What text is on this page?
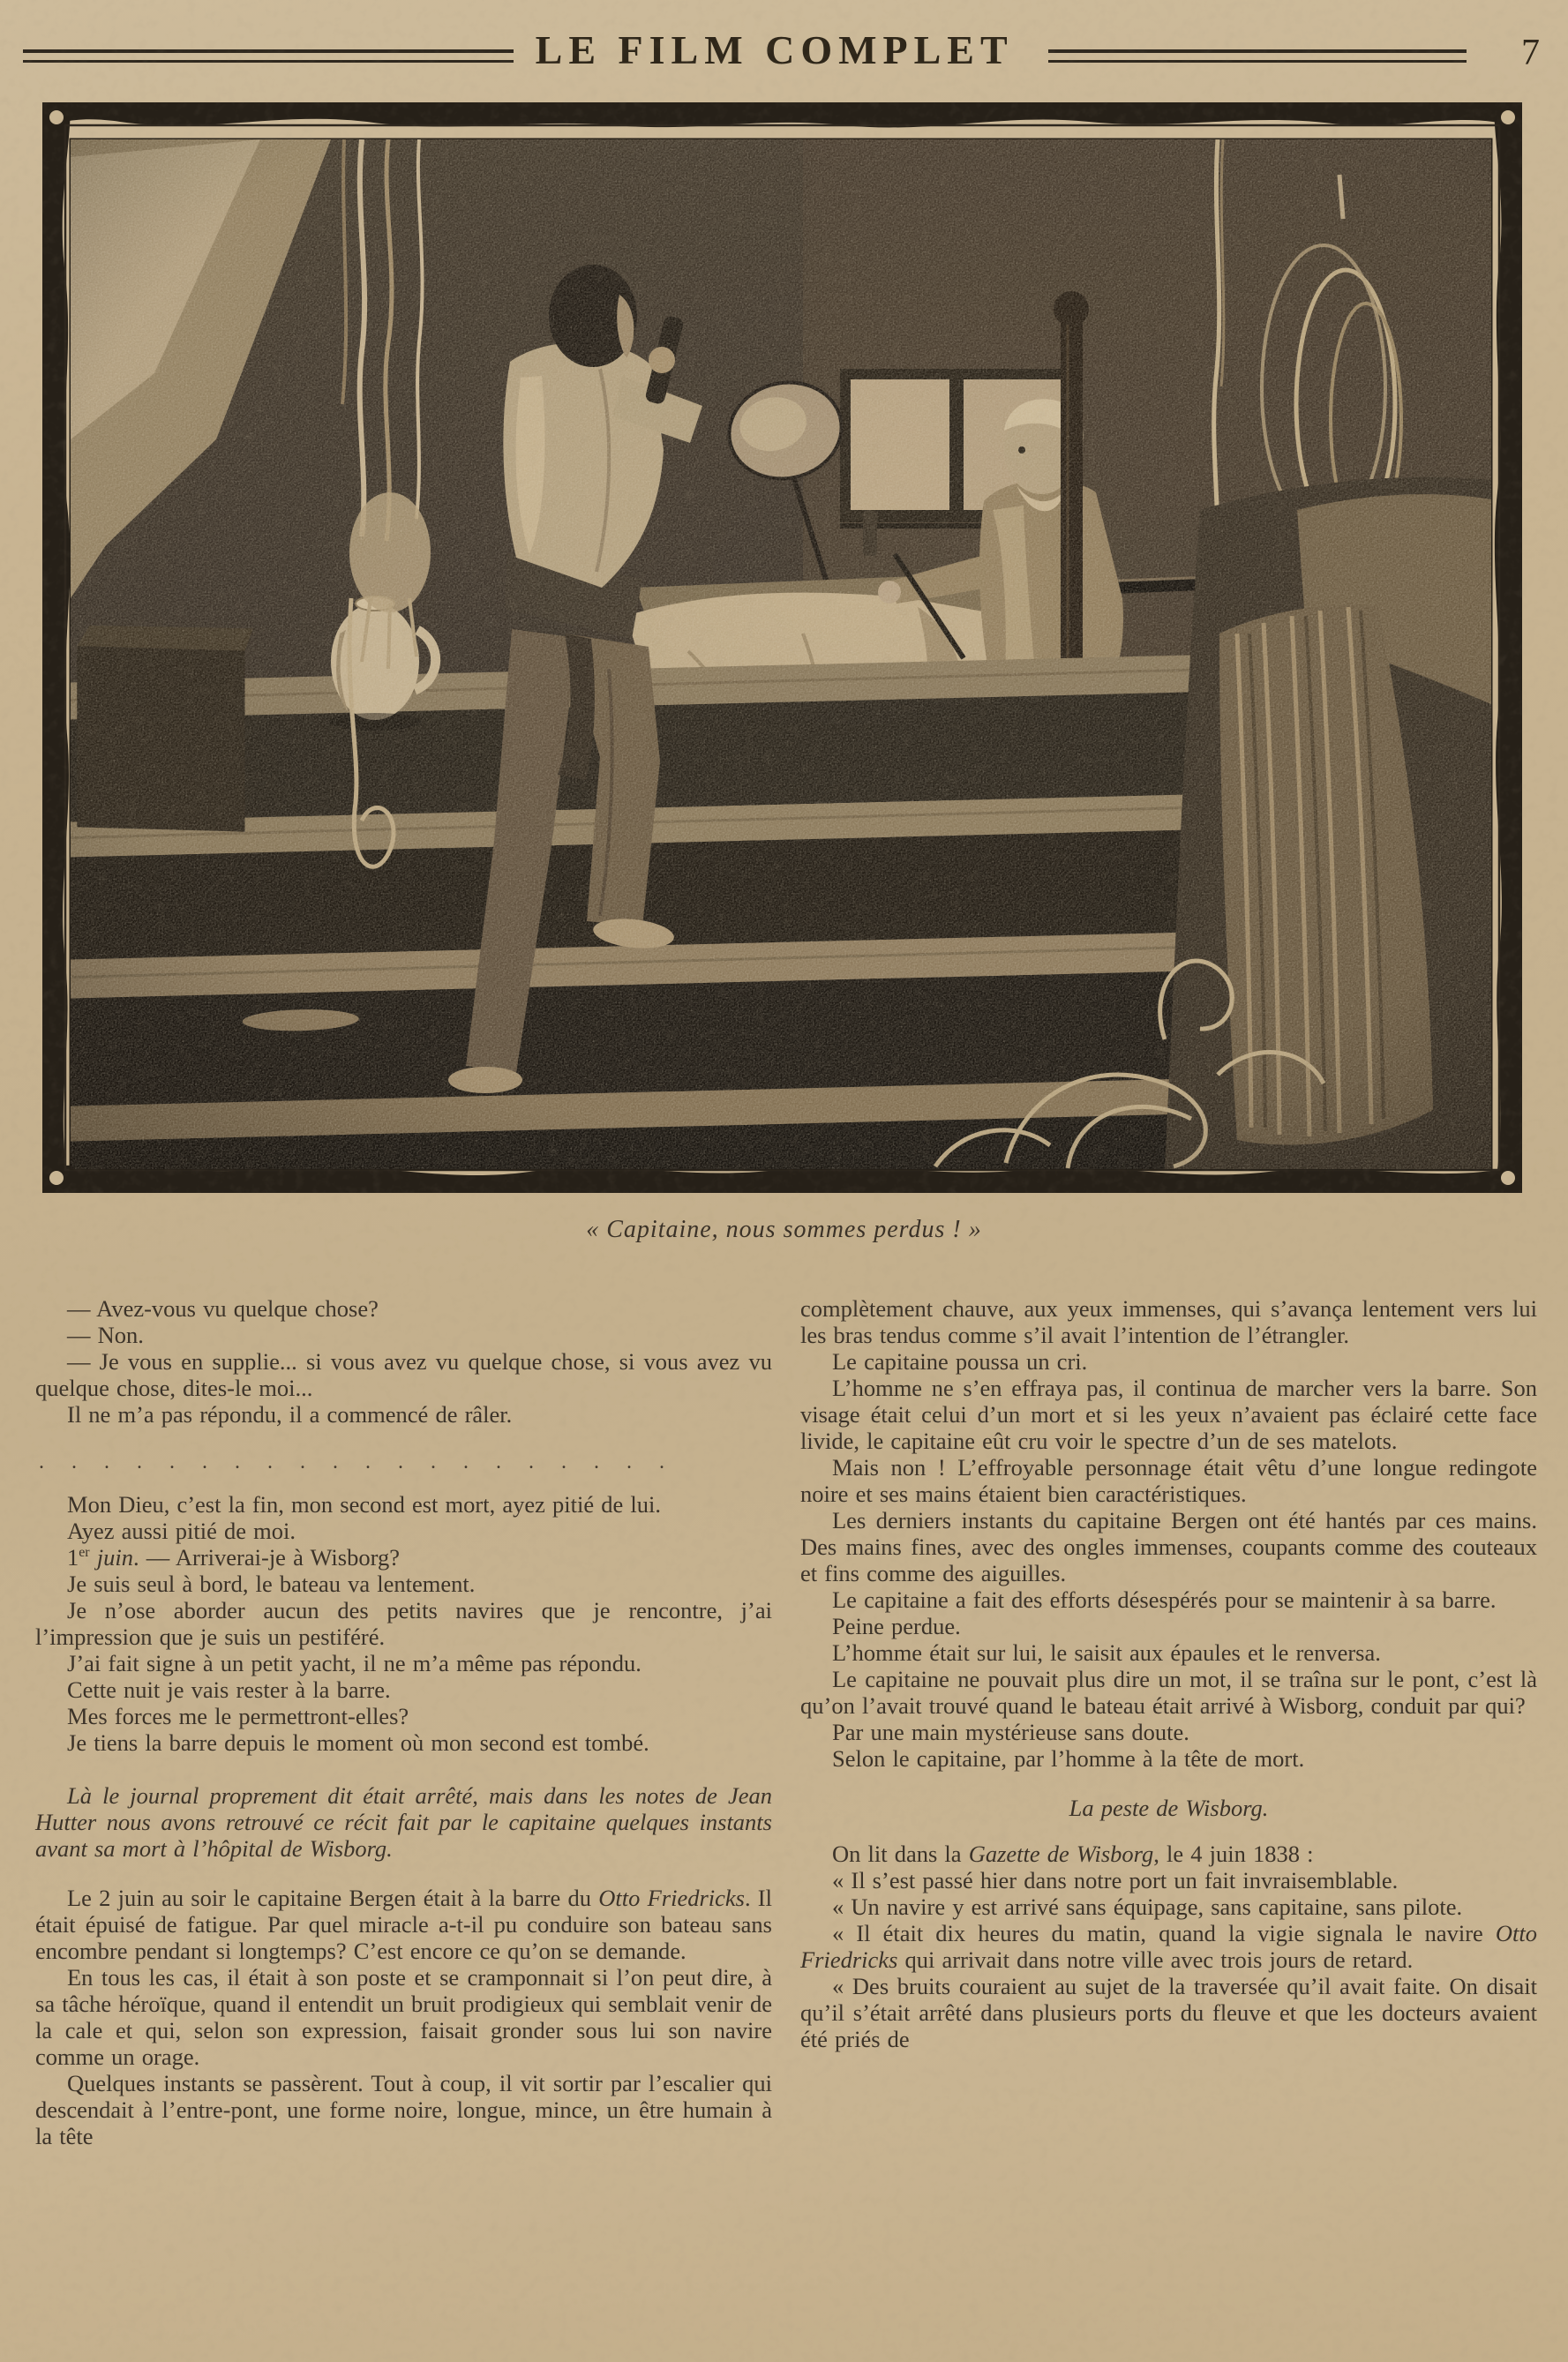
LE FILM COMPLET	7
« Capitaine, nous sommes perdus ! »

— Avez-vous vu quelque chose?

— Non.

— Je vous en supplie... si vous avez vu quelque chose, si vous avez vu quelque chose, dites-le moi...

Il ne m’a pas répondu, il a commencé de râler.

....................

Mon Dieu, c’est la fin, mon second est mort, ayez pitié de lui.

Ayez aussi pitié de moi.

1er juin. — Arriverai-je à Wisborg?

Je suis seul à bord, le bateau va lentement.

Je n’ose aborder aucun des petits navires que je rencontre, j’ai l’impression que je suis un pestiféré.

J’ai fait signe à un petit yacht, il ne m’a même pas répondu.

Cette nuit je vais rester à la barre.

Mes forces me le permettront-elles?

Je tiens la barre depuis le moment où mon second est tombé.

Là le journal proprement dit était arrêté, mais dans les notes de Jean Hutter nous avons retrouvé ce récit fait par le capitaine quelques instants avant sa mort à l’hôpital de Wisborg.

Le 2 juin au soir le capitaine Bergen était à la barre du Otto Friedricks. Il était épuisé de fatigue. Par quel miracle a-t-il pu conduire son bateau sans encombre pendant si longtemps? C’est encore ce qu’on se demande.

En tous les cas, il était à son poste et se cramponnait si l’on peut dire, à sa tâche héroïque, quand il entendit un bruit prodigieux qui semblait venir de la cale et qui, selon son expression, faisait gronder sous lui son navire comme un orage.

Quelques instants se passèrent. Tout à coup, il vit sortir par l’escalier qui descendait à l’entre-pont, une forme noire, longue, mince, un être humain à la tête

complètement chauve, aux yeux immenses, qui s’avança lentement vers lui les bras tendus comme s’il avait l’intention de l’étrangler.

Le capitaine poussa un cri.

L’homme ne s’en effraya pas, il continua de marcher vers la barre. Son visage était celui d’un mort et si les yeux n’avaient pas éclairé cette face livide, le capitaine eût cru voir le spectre d’un de ses matelots.

Mais non ! L’effroyable personnage était vêtu d’une longue redingote noire et ses mains étaient bien caractéristiques.

Les derniers instants du capitaine Bergen ont été hantés par ces mains. Des mains fines, avec des ongles immenses, coupants comme des couteaux et fins comme des aiguilles.

Le capitaine a fait des efforts désespérés pour se maintenir à sa barre.

Peine perdue.

L’homme était sur lui, le saisit aux épaules et le renversa.

Le capitaine ne pouvait plus dire un mot, il se traîna sur le pont, c’est là qu’on l’avait trouvé quand le bateau était arrivé à Wisborg, conduit par qui?

Par une main mystérieuse sans doute.

Selon le capitaine, par l’homme à la tête de mort.

La peste de Wisborg.

On lit dans la Gazette de Wisborg, le 4 juin 1838 :

« Il s’est passé hier dans notre port un fait invraisemblable.

« Un navire y est arrivé sans équipage, sans capitaine, sans pilote.

« Il était dix heures du matin, quand la vigie signala le navire Otto Friedricks qui arrivait dans notre ville avec trois jours de retard.

« Des bruits couraient au sujet de la traversée qu’il avait faite. On disait qu’il s’était arrêté dans plusieurs ports du fleuve et que les docteurs avaient été priés de
